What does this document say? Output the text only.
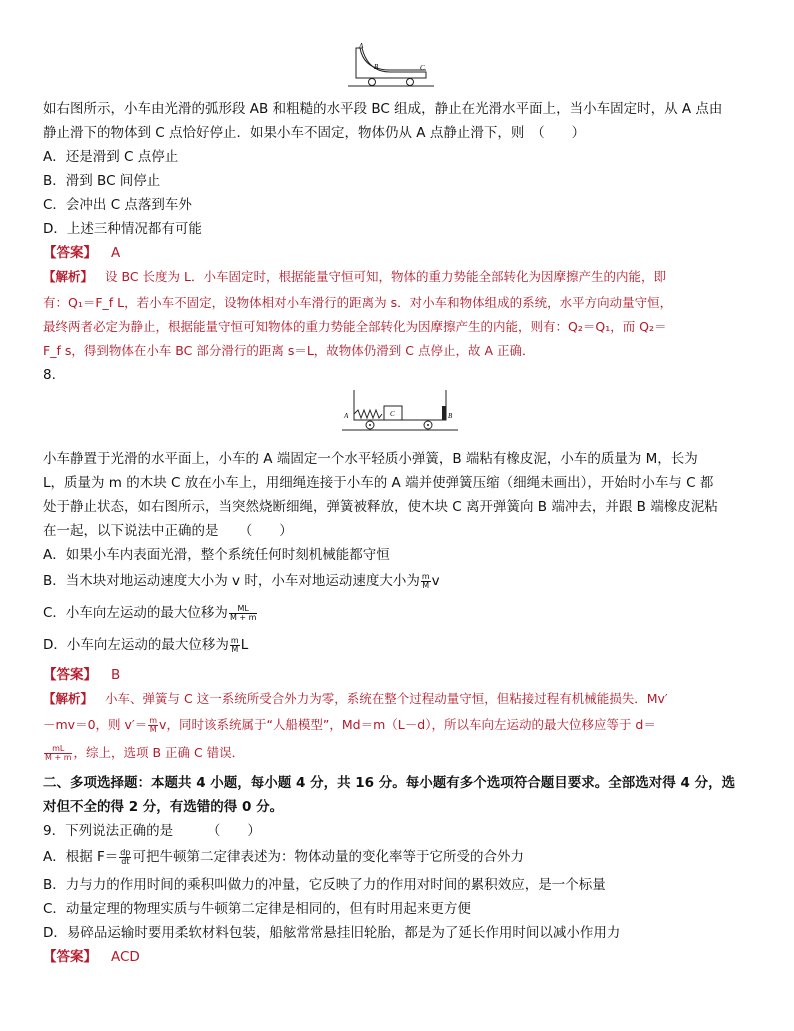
A
B	C
如右图所示，小车由光滑的弧形段 AB 和粗糙的水平段 BC 组成，静止在光滑水平面上，当小车固定时，从 A 点由
静止滑下的物体到 C 点恰好停止．如果小车不固定，物体仍从 A 点静止滑下，则　（　　）
A．还是滑到 C 点停止
B．滑到 BC 间停止
C．会冲出 C 点落到车外
D．上述三种情况都有可能
【答案】 A
【解析】 设 BC 长度为 L．小车固定时，根据能量守恒可知，物体的重力势能全部转化为因摩擦产生的内能，即
有：Q₁＝F_f L，若小车不固定，设物体相对小车滑行的距离为 s．对小车和物体组成的系统，水平方向动量守恒，
最终两者必定为静止，根据能量守恒可知物体的重力势能全部转化为因摩擦产生的内能，则有：Q₂＝Q₁，而 Q₂＝
F_f s，得到物体在小车 BC 部分滑行的距离 s＝L，故物体仍滑到 C 点停止，故 A 正确．
8.
C
A	B
小车静置于光滑的水平面上，小车的 A 端固定一个水平轻质小弹簧，B 端粘有橡皮泥，小车的质量为 M，长为
L，质量为 m 的木块 C 放在小车上，用细绳连接于小车的 A 端并使弹簧压缩（细绳未画出），开始时小车与 C 都
处于静止状态，如右图所示，当突然烧断细绳，弹簧被释放，使木块 C 离开弹簧向 B 端冲去，并跟 B 端橡皮泥粘
在一起，以下说法中正确的是　　（　　）
A．如果小车内表面光滑，整个系统任何时刻机械能都守恒
B．当木块对地运动速度大小为 v 时，小车对地运动速度大小为 $\frac{m}{M}$ v
C．小车向左运动的最大位移为 $\frac{ML}{M + m}$
D．小车向左运动的最大位移为 $\frac{m}{M}$ L
【答案】 B
【解析】 小车、弹簧与 C 这一系统所受合外力为零，系统在整个过程动量守恒，但粘接过程有机械能损失．Mv′
－mv＝0，则 $v'= \frac{m}{M}$ v，同时该系统属于“人船模型”，Md＝m（L－d），所以车向左运动的最大位移应等于 d＝
$\frac{mL}{M + m}$ ，综上，选项 B 正确 C 错误．
二、多项选择题：本题共 4 小题，每小题 4 分，共 16 分。每小题有多个选项符合题目要求。全部选对得 4 分，选
对但不全的得 2 分，有选错的得 0 分。
9．下列说法正确的是　　　（　　）
A．根据 $F= \frac{dp}{dt}$ 可把牛顿第二定律表述为：物体动量的变化率等于它所受的合外力
B．力与力的作用时间的乘积叫做力的冲量，它反映了力的作用对时间的累积效应，是一个标量
C．动量定理的物理实质与牛顿第二定律是相同的，但有时用起来更方便
D．易碎品运输时要用柔软材料包装，船舷常常悬挂旧轮胎，都是为了延长作用时间以减小作用力
【答案】 ACD
